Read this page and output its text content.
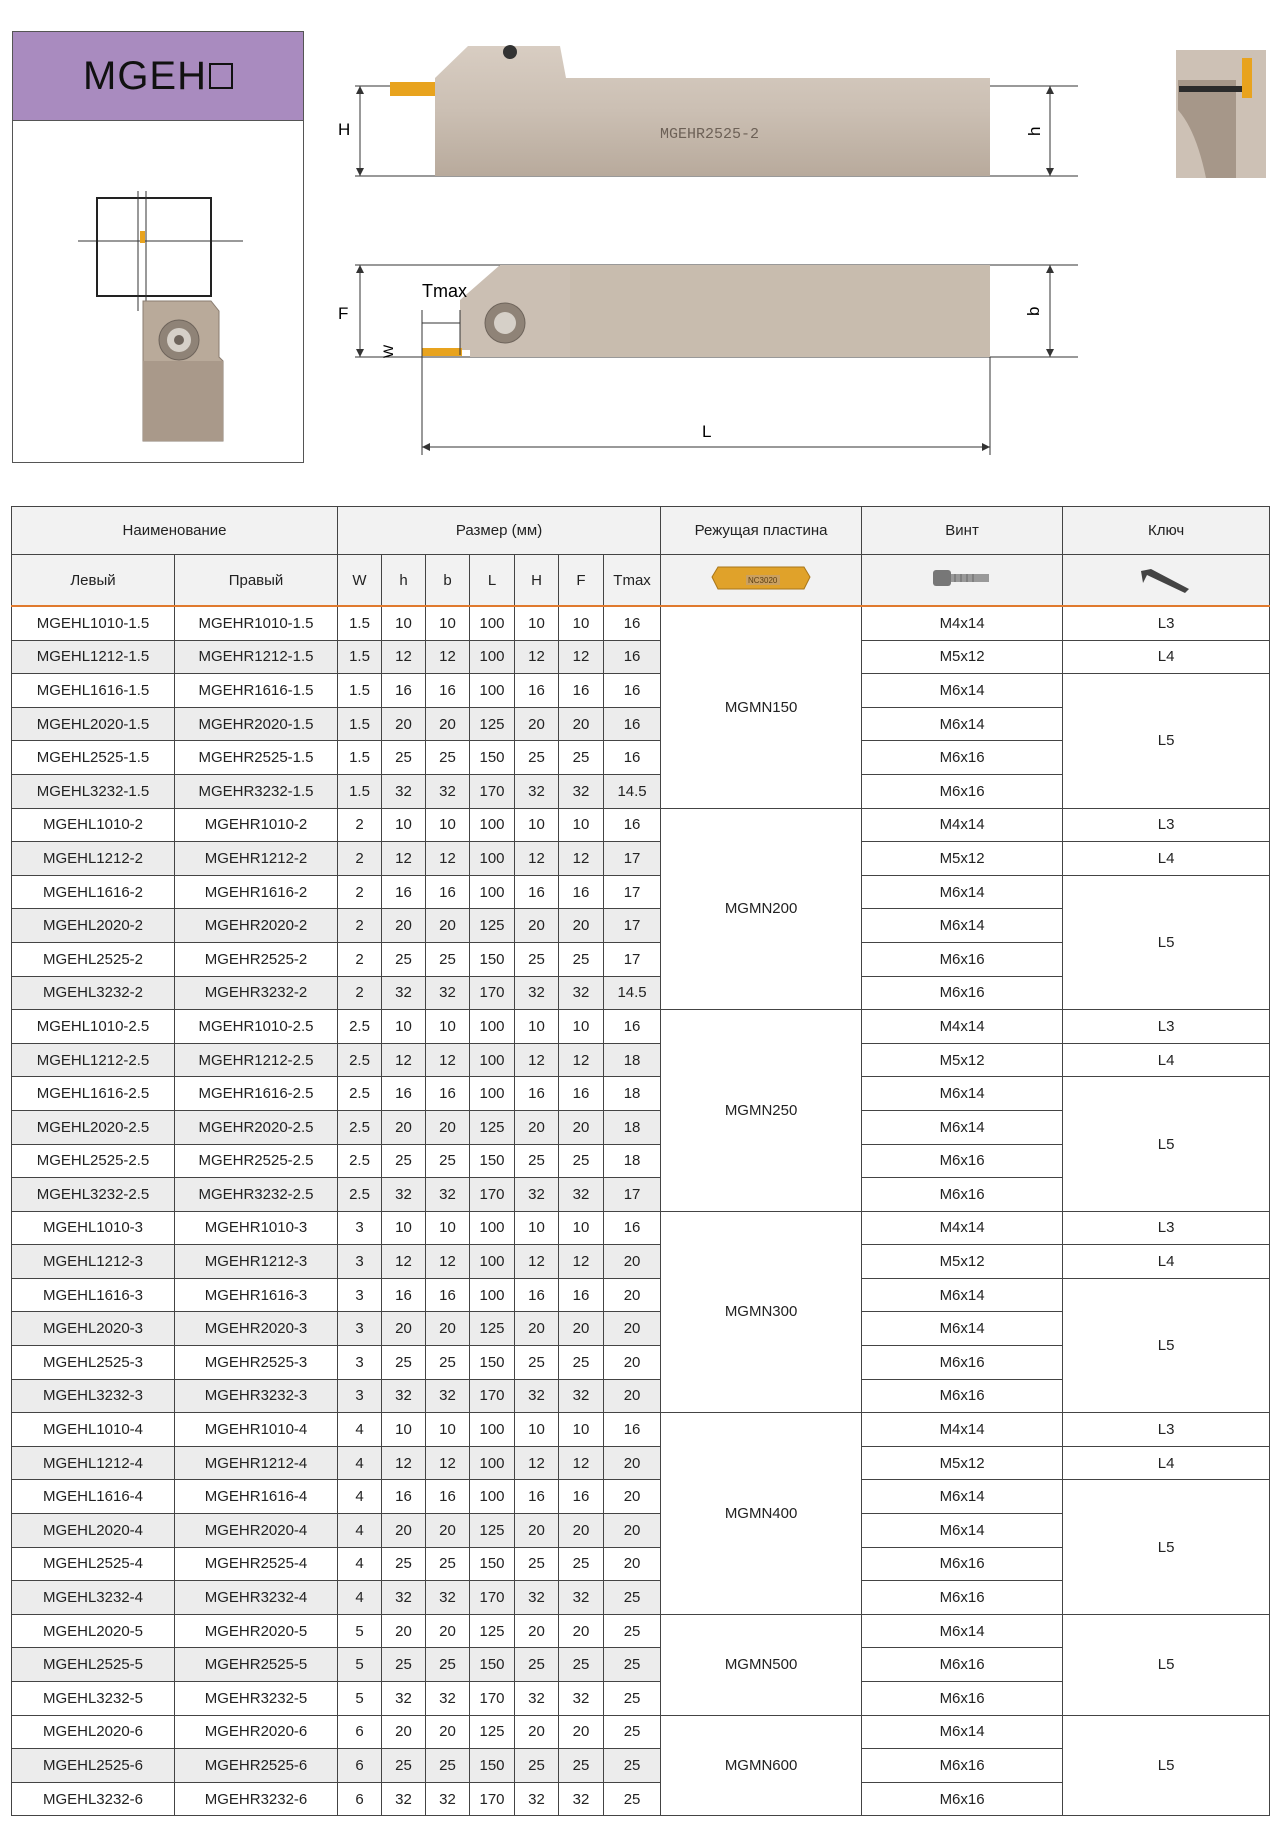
MGEH
MGEHR2525-2
H	h
Tmax
F
W
b
L
Наименование		Размер (мм)							Режущая пластина	Винт	Ключ
Левый	Правый	W	h	b	L	H	F	Tmax	NC3020

MGEHL1010-1.5	MGEHR1010-1.5	1.5	10	10	100	10	10	16	MGMN150	M4x14	L3
MGEHL1212-1.5	MGEHR1212-1.5	1.5	12	12	100	12	12	16		M5x12	L4
MGEHL1616-1.5	MGEHR1616-1.5	1.5	16	16	100	16	16	16		M6x14	L5
MGEHL2020-1.5	MGEHR2020-1.5	1.5	20	20	125	20	20	16		M6x14	
MGEHL2525-1.5	MGEHR2525-1.5	1.5	25	25	150	25	25	16		M6x16	
MGEHL3232-1.5	MGEHR3232-1.5	1.5	32	32	170	32	32	14.5		M6x16	
MGEHL1010-2	MGEHR1010-2	2	10	10	100	10	10	16	MGMN200	M4x14	L3
MGEHL1212-2	MGEHR1212-2	2	12	12	100	12	12	17		M5x12	L4
MGEHL1616-2	MGEHR1616-2	2	16	16	100	16	16	17		M6x14	L5
MGEHL2020-2	MGEHR2020-2	2	20	20	125	20	20	17		M6x14	
MGEHL2525-2	MGEHR2525-2	2	25	25	150	25	25	17		M6x16	
MGEHL3232-2	MGEHR3232-2	2	32	32	170	32	32	14.5		M6x16	
MGEHL1010-2.5	MGEHR1010-2.5	2.5	10	10	100	10	10	16	MGMN250	M4x14	L3
MGEHL1212-2.5	MGEHR1212-2.5	2.5	12	12	100	12	12	18		M5x12	L4
MGEHL1616-2.5	MGEHR1616-2.5	2.5	16	16	100	16	16	18		M6x14	L5
MGEHL2020-2.5	MGEHR2020-2.5	2.5	20	20	125	20	20	18		M6x14	
MGEHL2525-2.5	MGEHR2525-2.5	2.5	25	25	150	25	25	18		M6x16	
MGEHL3232-2.5	MGEHR3232-2.5	2.5	32	32	170	32	32	17		M6x16	
MGEHL1010-3	MGEHR1010-3	3	10	10	100	10	10	16	MGMN300	M4x14	L3
MGEHL1212-3	MGEHR1212-3	3	12	12	100	12	12	20		M5x12	L4
MGEHL1616-3	MGEHR1616-3	3	16	16	100	16	16	20		M6x14	L5
MGEHL2020-3	MGEHR2020-3	3	20	20	125	20	20	20		M6x14	
MGEHL2525-3	MGEHR2525-3	3	25	25	150	25	25	20		M6x16	
MGEHL3232-3	MGEHR3232-3	3	32	32	170	32	32	20		M6x16	
MGEHL1010-4	MGEHR1010-4	4	10	10	100	10	10	16	MGMN400	M4x14	L3
MGEHL1212-4	MGEHR1212-4	4	12	12	100	12	12	20		M5x12	L4
MGEHL1616-4	MGEHR1616-4	4	16	16	100	16	16	20		M6x14	L5
MGEHL2020-4	MGEHR2020-4	4	20	20	125	20	20	20		M6x14	
MGEHL2525-4	MGEHR2525-4	4	25	25	150	25	25	20		M6x16	
MGEHL3232-4	MGEHR3232-4	4	32	32	170	32	32	25		M6x16	
MGEHL2020-5	MGEHR2020-5	5	20	20	125	20	20	25	MGMN500	M6x14	L5
MGEHL2525-5	MGEHR2525-5	5	25	25	150	25	25	25		M6x16	
MGEHL3232-5	MGEHR3232-5	5	32	32	170	32	32	25		M6x16	
MGEHL2020-6	MGEHR2020-6	6	20	20	125	20	20	25	MGMN600	M6x14	L5
MGEHL2525-6	MGEHR2525-6	6	25	25	150	25	25	25		M6x16	
MGEHL3232-6	MGEHR3232-6	6	32	32	170	32	32	25		M6x16	
